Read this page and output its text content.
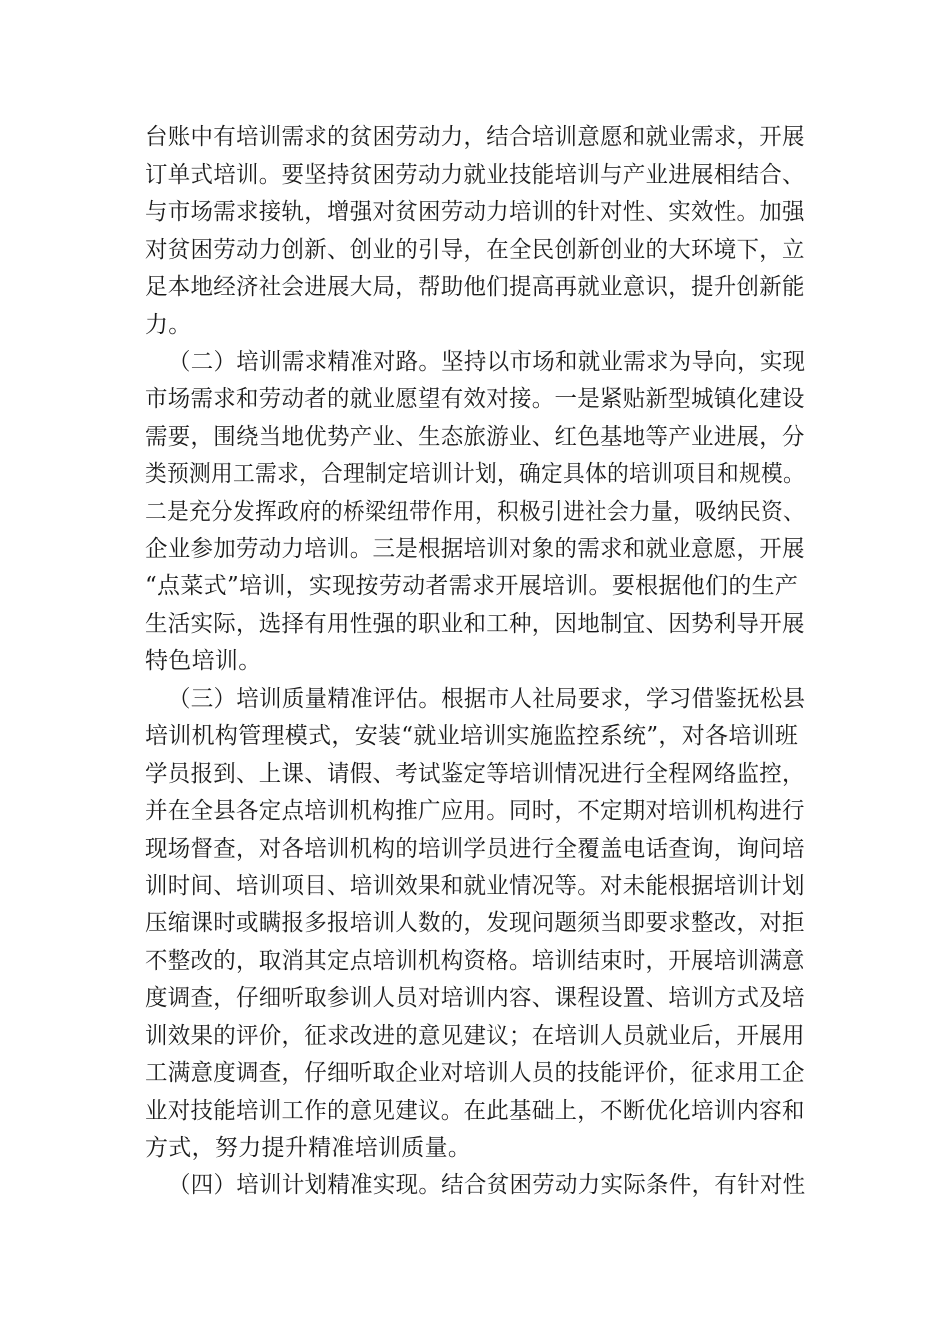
台账中有培训需求的贫困劳动力，结合培训意愿和就业需求，开展
订单式培训。要坚持贫困劳动力就业技能培训与产业进展相结合、
与市场需求接轨，增强对贫困劳动力培训的针对性、实效性。加强
对贫困劳动力创新、创业的引导，在全民创新创业的大环境下，立
足本地经济社会进展大局，帮助他们提高再就业意识，提升创新能
力。
（二）培训需求精准对路。坚持以市场和就业需求为导向，实现
市场需求和劳动者的就业愿望有效对接。一是紧贴新型城镇化建设
需要，围绕当地优势产业、生态旅游业、红色基地等产业进展，分
类预测用工需求，合理制定培训计划，确定具体的培训项目和规模。
二是充分发挥政府的桥梁纽带作用，积极引进社会力量，吸纳民资、
企业参加劳动力培训。三是根据培训对象的需求和就业意愿，开展
“点菜式”培训，实现按劳动者需求开展培训。要根据他们的生产
生活实际，选择有用性强的职业和工种，因地制宜、因势利导开展
特色培训。
（三）培训质量精准评估。根据市人社局要求，学习借鉴抚松县
培训机构管理模式，安装“就业培训实施监控系统”，对各培训班
学员报到、上课、请假、考试鉴定等培训情况进行全程网络监控，
并在全县各定点培训机构推广应用。同时，不定期对培训机构进行
现场督查，对各培训机构的培训学员进行全覆盖电话查询，询问培
训时间、培训项目、培训效果和就业情况等。对未能根据培训计划
压缩课时或瞒报多报培训人数的，发现问题须当即要求整改，对拒
不整改的，取消其定点培训机构资格。培训结束时，开展培训满意
度调查，仔细听取参训人员对培训内容、课程设置、培训方式及培
训效果的评价，征求改进的意见建议；在培训人员就业后，开展用
工满意度调查，仔细听取企业对培训人员的技能评价，征求用工企
业对技能培训工作的意见建议。在此基础上，不断优化培训内容和
方式，努力提升精准培训质量。
（四）培训计划精准实现。结合贫困劳动力实际条件，有针对性
